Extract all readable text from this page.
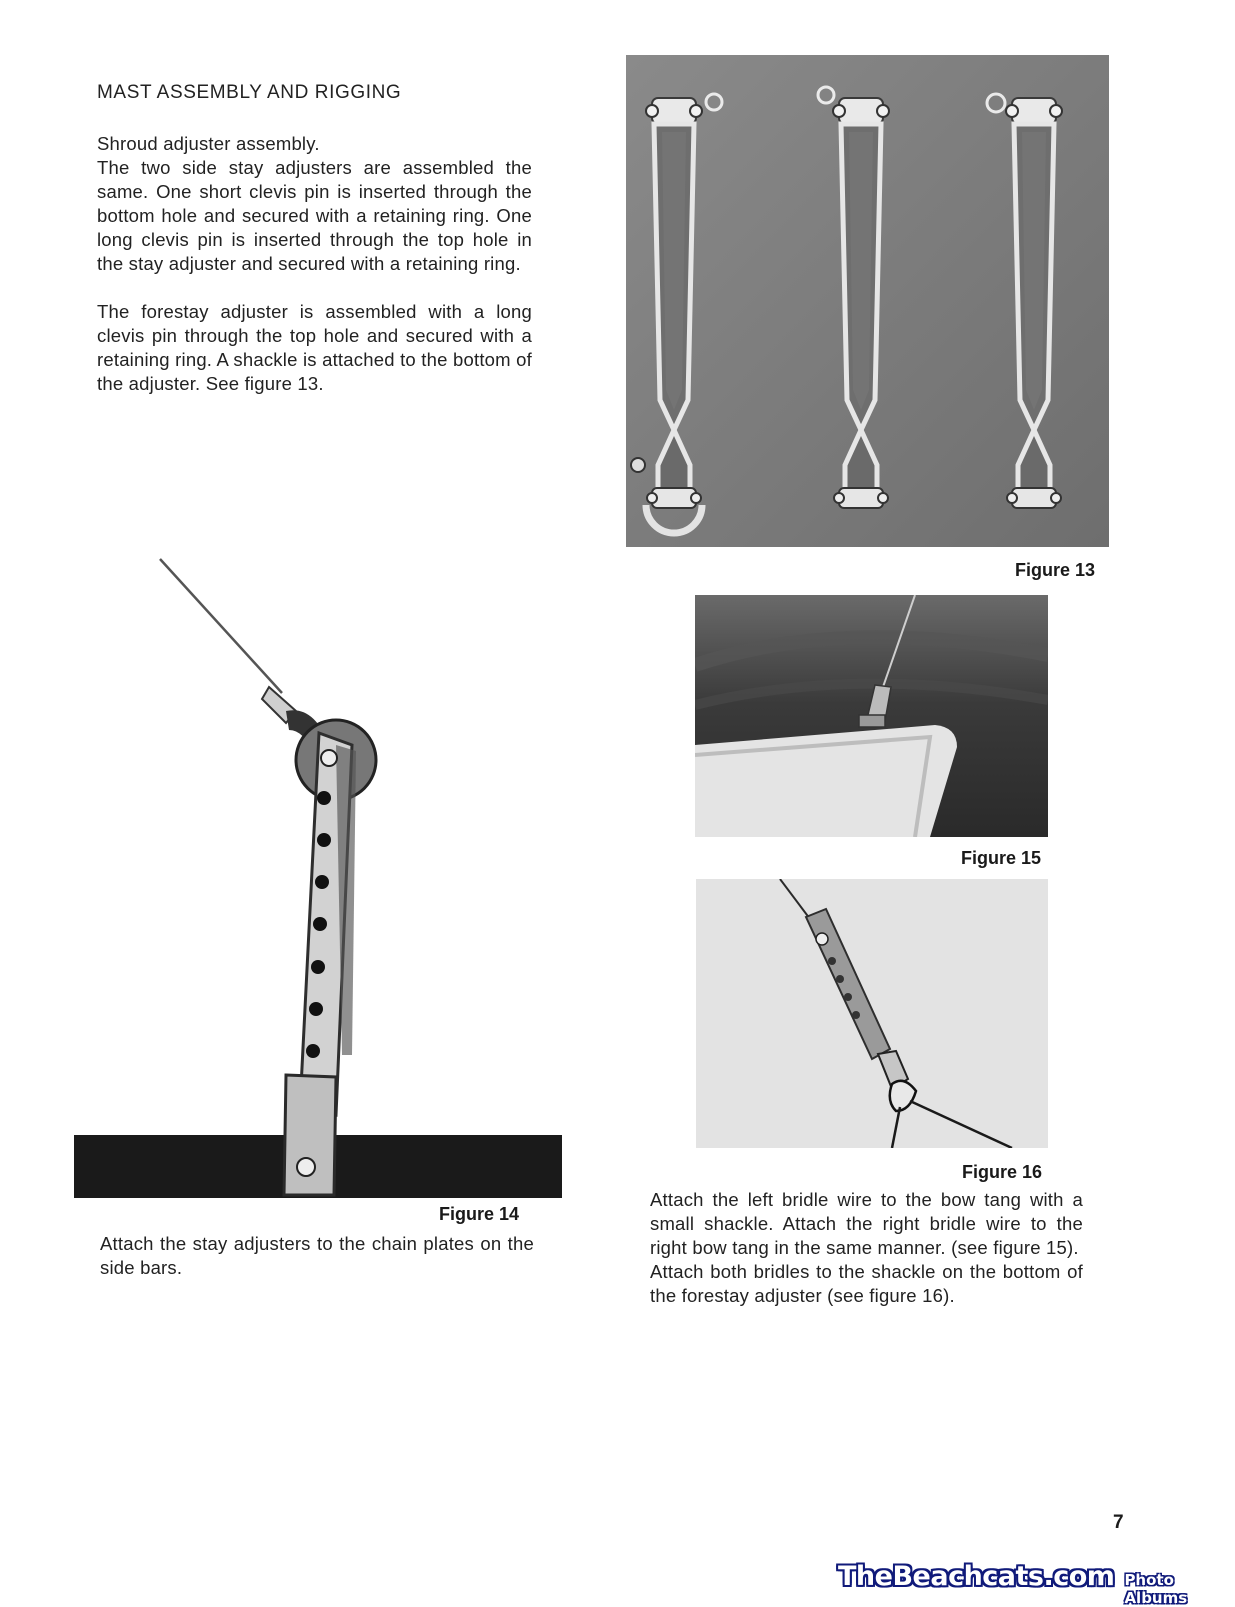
MAST ASSEMBLY AND RIGGING

Shroud adjuster assembly.

The two side stay adjusters are assembled the same. One short clevis pin is inserted through the bottom hole and secured with a retaining ring. One long clevis pin is inserted through the top hole in the stay adjuster and secured with a retaining ring.

The forestay adjuster is assembled with a long clevis pin through the top hole and secured with a retaining ring. A shackle is attached to the bottom of the adjuster. See figure 13.

Figure 13
Figure 14

Attach the stay adjusters to the chain plates on the side bars.

Figure 15
Figure 16

Attach the left bridle wire to the bow tang with a small shackle. Attach the right bridle wire to the right bow tang in the same manner. (see figure 15).

Attach both bridles to the shackle on the bottom of the forestay adjuster (see figure 16).

7
TheBeachcats.com Photo Albums
